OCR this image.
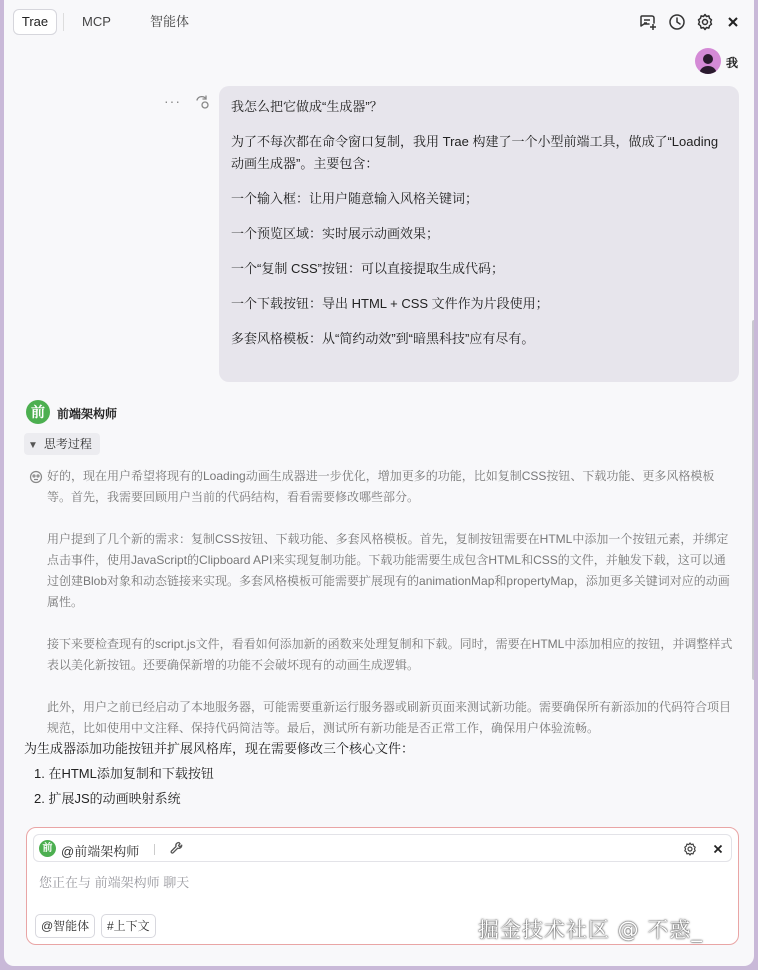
Trae	MCP	智能体
我
···	我怎么把它做成“生成器”？

为了不每次都在命令窗口复制，我用 Trae 构建了一个小型前端工具，做成了“Loading 动画生成器”。主要包含：

一个输入框：让用户随意输入风格关键词；

一个预览区域：实时展示动画效果；

一个“复制 CSS”按钮：可以直接提取生成代码；

一个下载按钮：导出 HTML + CSS 文件作为片段使用；

多套风格模板：从“简约动效”到“暗黑科技”应有尽有。

前	前端架构师
▼ 思考过程

好的，现在用户希望将现有的Loading动画生成器进一步优化，增加更多的功能，比如复制CSS按钮、下载功能、更多风格模板等。首先，我需要回顾用户当前的代码结构，看看需要修改哪些部分。

用户提到了几个新的需求：复制CSS按钮、下载功能、多套风格模板。首先，复制按钮需要在HTML中添加一个按钮元素，并绑定点击事件，使用JavaScript的Clipboard API来实现复制功能。下载功能需要生成包含HTML和CSS的文件，并触发下载，这可以通过创建Blob对象和动态链接来实现。多套风格模板可能需要扩展现有的animationMap和propertyMap，添加更多关键词对应的动画属性。

接下来要检查现有的script.js文件，看看如何添加新的函数来处理复制和下载。同时，需要在HTML中添加相应的按钮，并调整样式表以美化新按钮。还要确保新增的功能不会破坏现有的动画生成逻辑。

此外，用户之前已经启动了本地服务器，可能需要重新运行服务器或刷新页面来测试新功能。需要确保所有新添加的代码符合项目规范，比如使用中文注释、保持代码简洁等。最后，测试所有新功能是否正常工作，确保用户体验流畅。

为生成器添加功能按钮并扩展风格库，现在需要修改三个核心文件：

1. 在HTML添加复制和下载按钮

2. 扩展JS的动画映射系统

前 @前端架构师
您正在与 前端架构师 聊天
@智能体	#上下文	掘金技术社区 @ 不惑_
